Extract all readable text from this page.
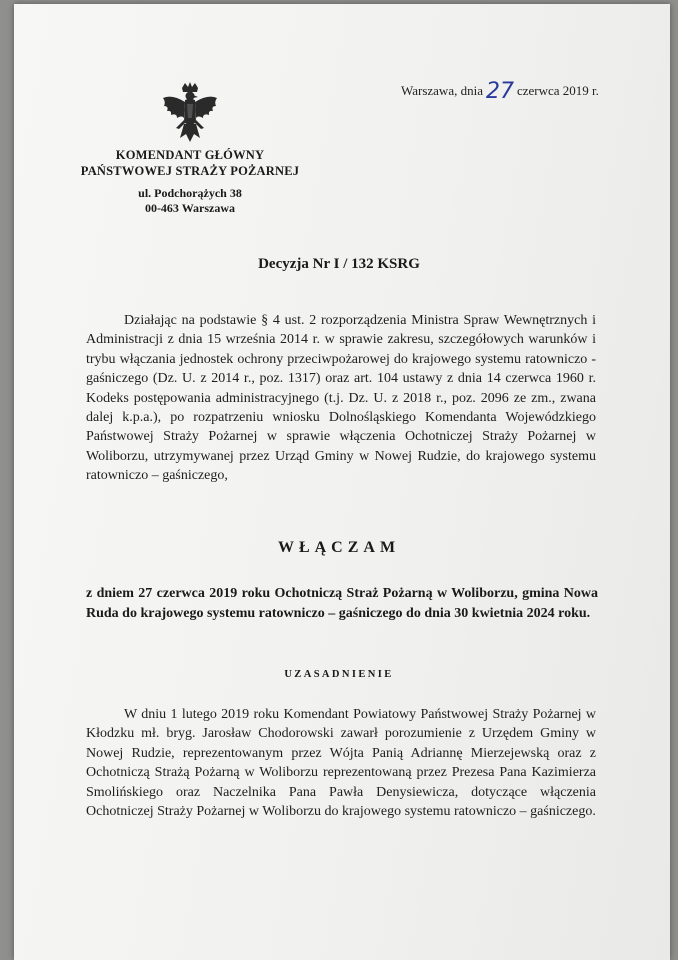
Warszawa, dnia 27 czerwca 2019 r.
KOMENDANT GŁÓWNY
PAŃSTWOWEJ STRAŻY POŻARNEJ
ul. Podchorążych 38
00-463 Warszawa
Decyzja Nr I / 132 KSRG
Działając na podstawie § 4 ust. 2 rozporządzenia Ministra Spraw Wewnętrznych i Administracji z dnia 15 września 2014 r. w sprawie zakresu, szczegółowych warunków i trybu włączania jednostek ochrony przeciwpożarowej do krajowego systemu ratowniczo - gaśniczego (Dz. U. z 2014 r., poz. 1317) oraz art. 104 ustawy z dnia 14 czerwca 1960 r. Kodeks postępowania administracyjnego (t.j. Dz. U. z 2018 r., poz. 2096 ze zm., zwana dalej k.p.a.), po rozpatrzeniu wniosku Dolnośląskiego Komendanta Wojewódzkiego Państwowej Straży Pożarnej w sprawie włączenia Ochotniczej Straży Pożarnej w Woliborzu, utrzymywanej przez Urząd Gminy w Nowej Rudzie, do krajowego systemu ratowniczo – gaśniczego,
WŁĄCZAM
z dniem 27 czerwca 2019 roku Ochotniczą Straż Pożarną w Woliborzu, gmina Nowa Ruda do krajowego systemu ratowniczo – gaśniczego do dnia 30 kwietnia 2024 roku.
UZASADNIENIE
W dniu 1 lutego 2019 roku Komendant Powiatowy Państwowej Straży Pożarnej w Kłodzku mł. bryg. Jarosław Chodorowski zawarł porozumienie z Urzędem Gminy w Nowej Rudzie, reprezentowanym przez Wójta Panią Adriannę Mierzejewską oraz z Ochotniczą Strażą Pożarną w Woliborzu reprezentowaną przez Prezesa Pana Kazimierza Smolińskiego oraz Naczelnika Pana Pawła Denysiewicza, dotyczące włączenia Ochotniczej Straży Pożarnej w Woliborzu do krajowego systemu ratowniczo – gaśniczego.
